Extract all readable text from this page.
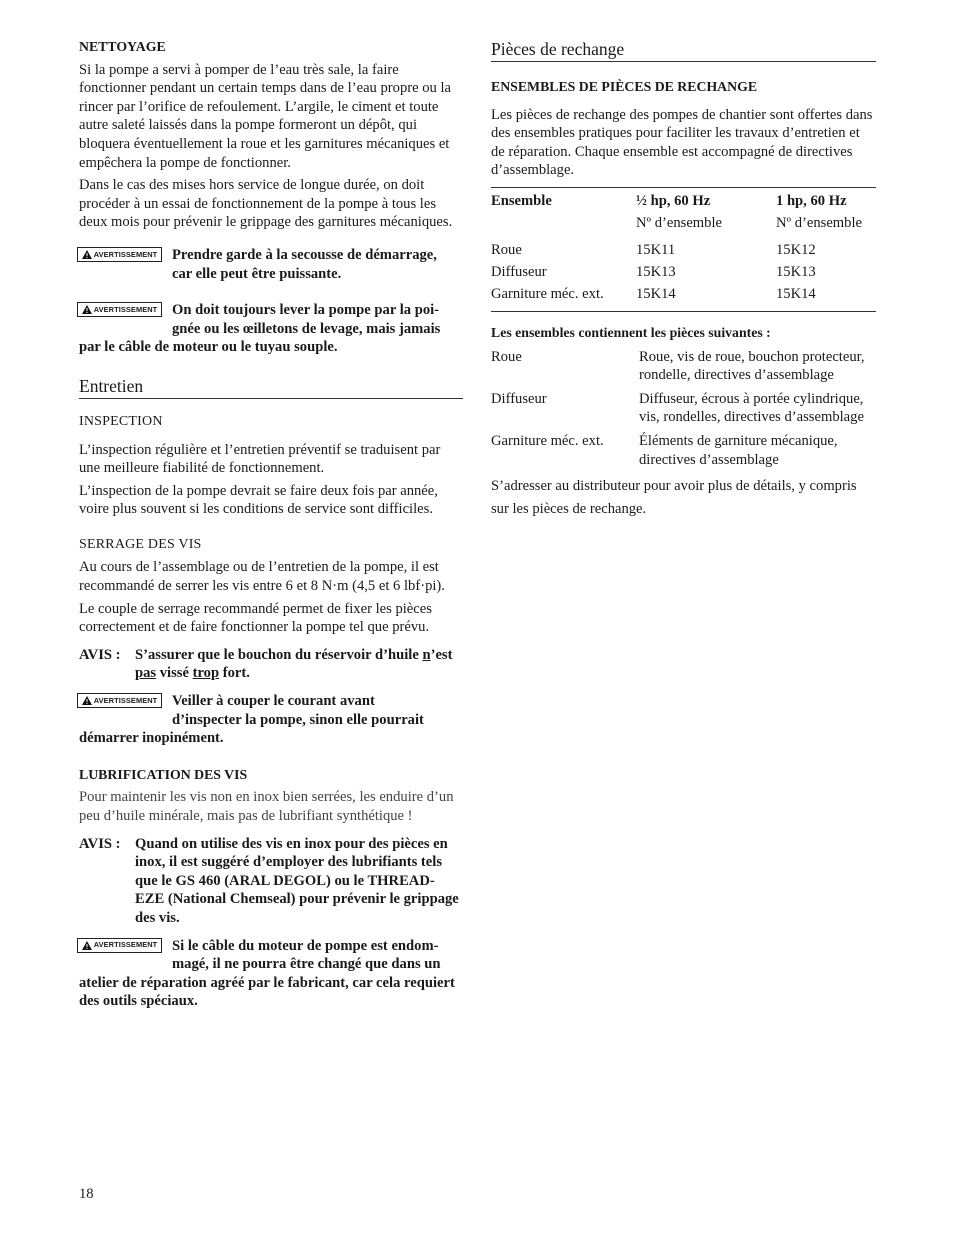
NETTOYAGE

Si la pompe a servi à pomper de l’eau très sale, la faire fonctionner pendant un certain temps dans de l’eau propre ou la rincer par l’orifice de refoulement. L’argile, le ciment et toute autre saleté laissés dans la pompe formeront un dépôt, qui bloquera éventuellement la roue et les garnitures mécaniques et empêchera la pompe de fonctionner.

Dans le cas des mises hors service de longue durée, on doit procéder à un essai de fonctionnement de la pompe à tous les deux mois pour prévenir le grippage des garnitures mécaniques.

AVERTISSEMENT	Prendre garde à la secousse de démarrage,
car elle peut être puissante.
AVERTISSEMENT	On doit toujours lever la pompe par la poi-
gnée ou les œilletons de levage, mais jamais par le câble de moteur ou le tuyau souple.

Entretien

INSPECTION

L’inspection régulière et l’entretien préventif se traduisent par une meilleure fiabilité de fonctionnement.

L’inspection de la pompe devrait se faire deux fois par année, voire plus souvent si les conditions de service sont difficiles.

SERRAGE DES VIS

Au cours de l’assemblage ou de l’entretien de la pompe, il est recommandé de serrer les vis entre 6 et 8 N·m (4,5 et 6 lbf·pi).

Le couple de serrage recommandé permet de fixer les pièces correctement et de faire fonctionner la pompe tel que prévu.

AVIS : S’assurer que le bouchon du réservoir d’huile n’est pas vissé trop fort.
AVERTISSEMENT	Veiller à couper le courant avant
d’inspecter la pompe, sinon elle pourrait démarrer inopinément.

LUBRIFICATION DES VIS

Pour maintenir les vis non en inox bien serrées, les enduire d’un peu d’huile minérale, mais pas de lubrifiant synthétique !

AVIS : Quand on utilise des vis en inox pour des pièces en inox, il est suggéré d’employer des lubrifiants tels que le GS 460 (ARAL DEGOL) ou le THREAD-EZE (National Chemseal) pour prévenir le grippage des vis.
AVERTISSEMENT	Si le câble du moteur de pompe est endom-
magé, il ne pourra être changé que dans un atelier de réparation agréé par le fabricant, car cela requiert des outils spéciaux.

Pièces de rechange

ENSEMBLES DE PIÈCES DE RECHANGE

Les pièces de rechange des pompes de chantier sont offertes dans des ensembles pratiques pour faciliter les travaux d’entretien et de réparation. Chaque ensemble est accompagné de directives d’assemblage.

Ensemble	½ hp, 60 Hz	1 hp, 60 Hz
	Nº d’ensemble	Nº d’ensemble
Roue	15K11	15K12
Diffuseur	15K13	15K13
Garniture méc. ext.	15K14	15K14

Les ensembles contiennent les pièces suivantes :

Roue	Roue, vis de roue, bouchon protecteur, rondelle, directives d’assemblage
Diffuseur	Diffuseur, écrous à portée cylindrique, vis, rondelles, directives d’assemblage
Garniture méc. ext.	Éléments de garniture mécanique, directives d’assemblage

S’adresser au distributeur pour avoir plus de détails, y compris sur les pièces de rechange.

18
